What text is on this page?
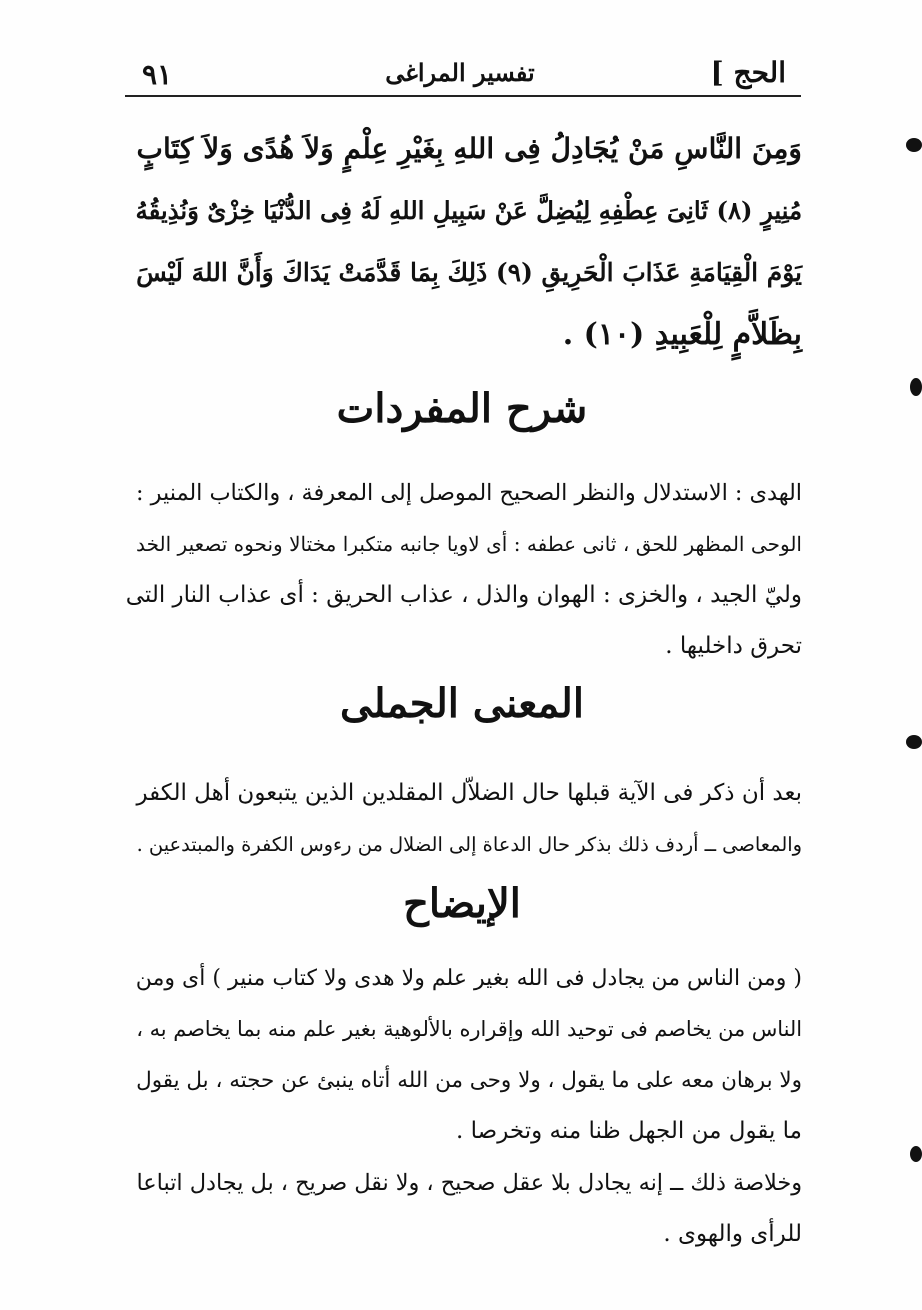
٩١	تفسير المراغى	الحج ]
وَمِنَ النَّاسِ مَنْ يُجَادِلُ فِى اللهِ بِغَيْرِ عِلْمٍ وَلاَ هُدًى وَلاَ كِتَابٍ
مُنِيرٍ (٨) ثَانِىَ عِطْفِهِ لِيُضِلَّ عَنْ سَبِيلِ اللهِ لَهُ فِى الدُّنْيَا خِزْىٌ وَنُذِيقُهُ
يَوْمَ الْقِيَامَةِ عَذَابَ الْحَرِيقِ (٩) ذَلِكَ بِمَا قَدَّمَتْ يَدَاكَ وَأَنَّ اللهَ لَيْسَ
بِظَلاَّمٍ لِلْعَبِيدِ (١٠) .
شرح المفردات
الهدى : الاستدلال والنظر الصحيح الموصل إلى المعرفة ، والكتاب المنير :
الوحى المظهر للحق ، ثانى عطفه : أى لاويا جانبه متكبرا مختالا ونحوه تصعير الخد
وليّ الجيد ، والخزى : الهوان والذل ، عذاب الحريق : أى عذاب النار التى
تحرق داخليها .
المعنى الجملى
بعد أن ذكر فى الآية قبلها حال الضلاّل المقلدين الذين يتبعون أهل الكفر
والمعاصى ــ أردف ذلك بذكر حال الدعاة إلى الضلال من رءوس الكفرة والمبتدعين .
الإيضاح
( ومن الناس من يجادل فى الله بغير علم ولا هدى ولا كتاب منير ) أى ومن
الناس من يخاصم فى توحيد الله وإقراره بالألوهية بغير علم منه بما يخاصم به ،
ولا برهان معه على ما يقول ، ولا وحى من الله أتاه ينبئ عن حجته ، بل يقول
ما يقول من الجهل ظنا منه وتخرصا .
وخلاصة ذلك ــ إنه يجادل بلا عقل صحيح ، ولا نقل صريح ، بل يجادل اتباعا
للرأى والهوى .
